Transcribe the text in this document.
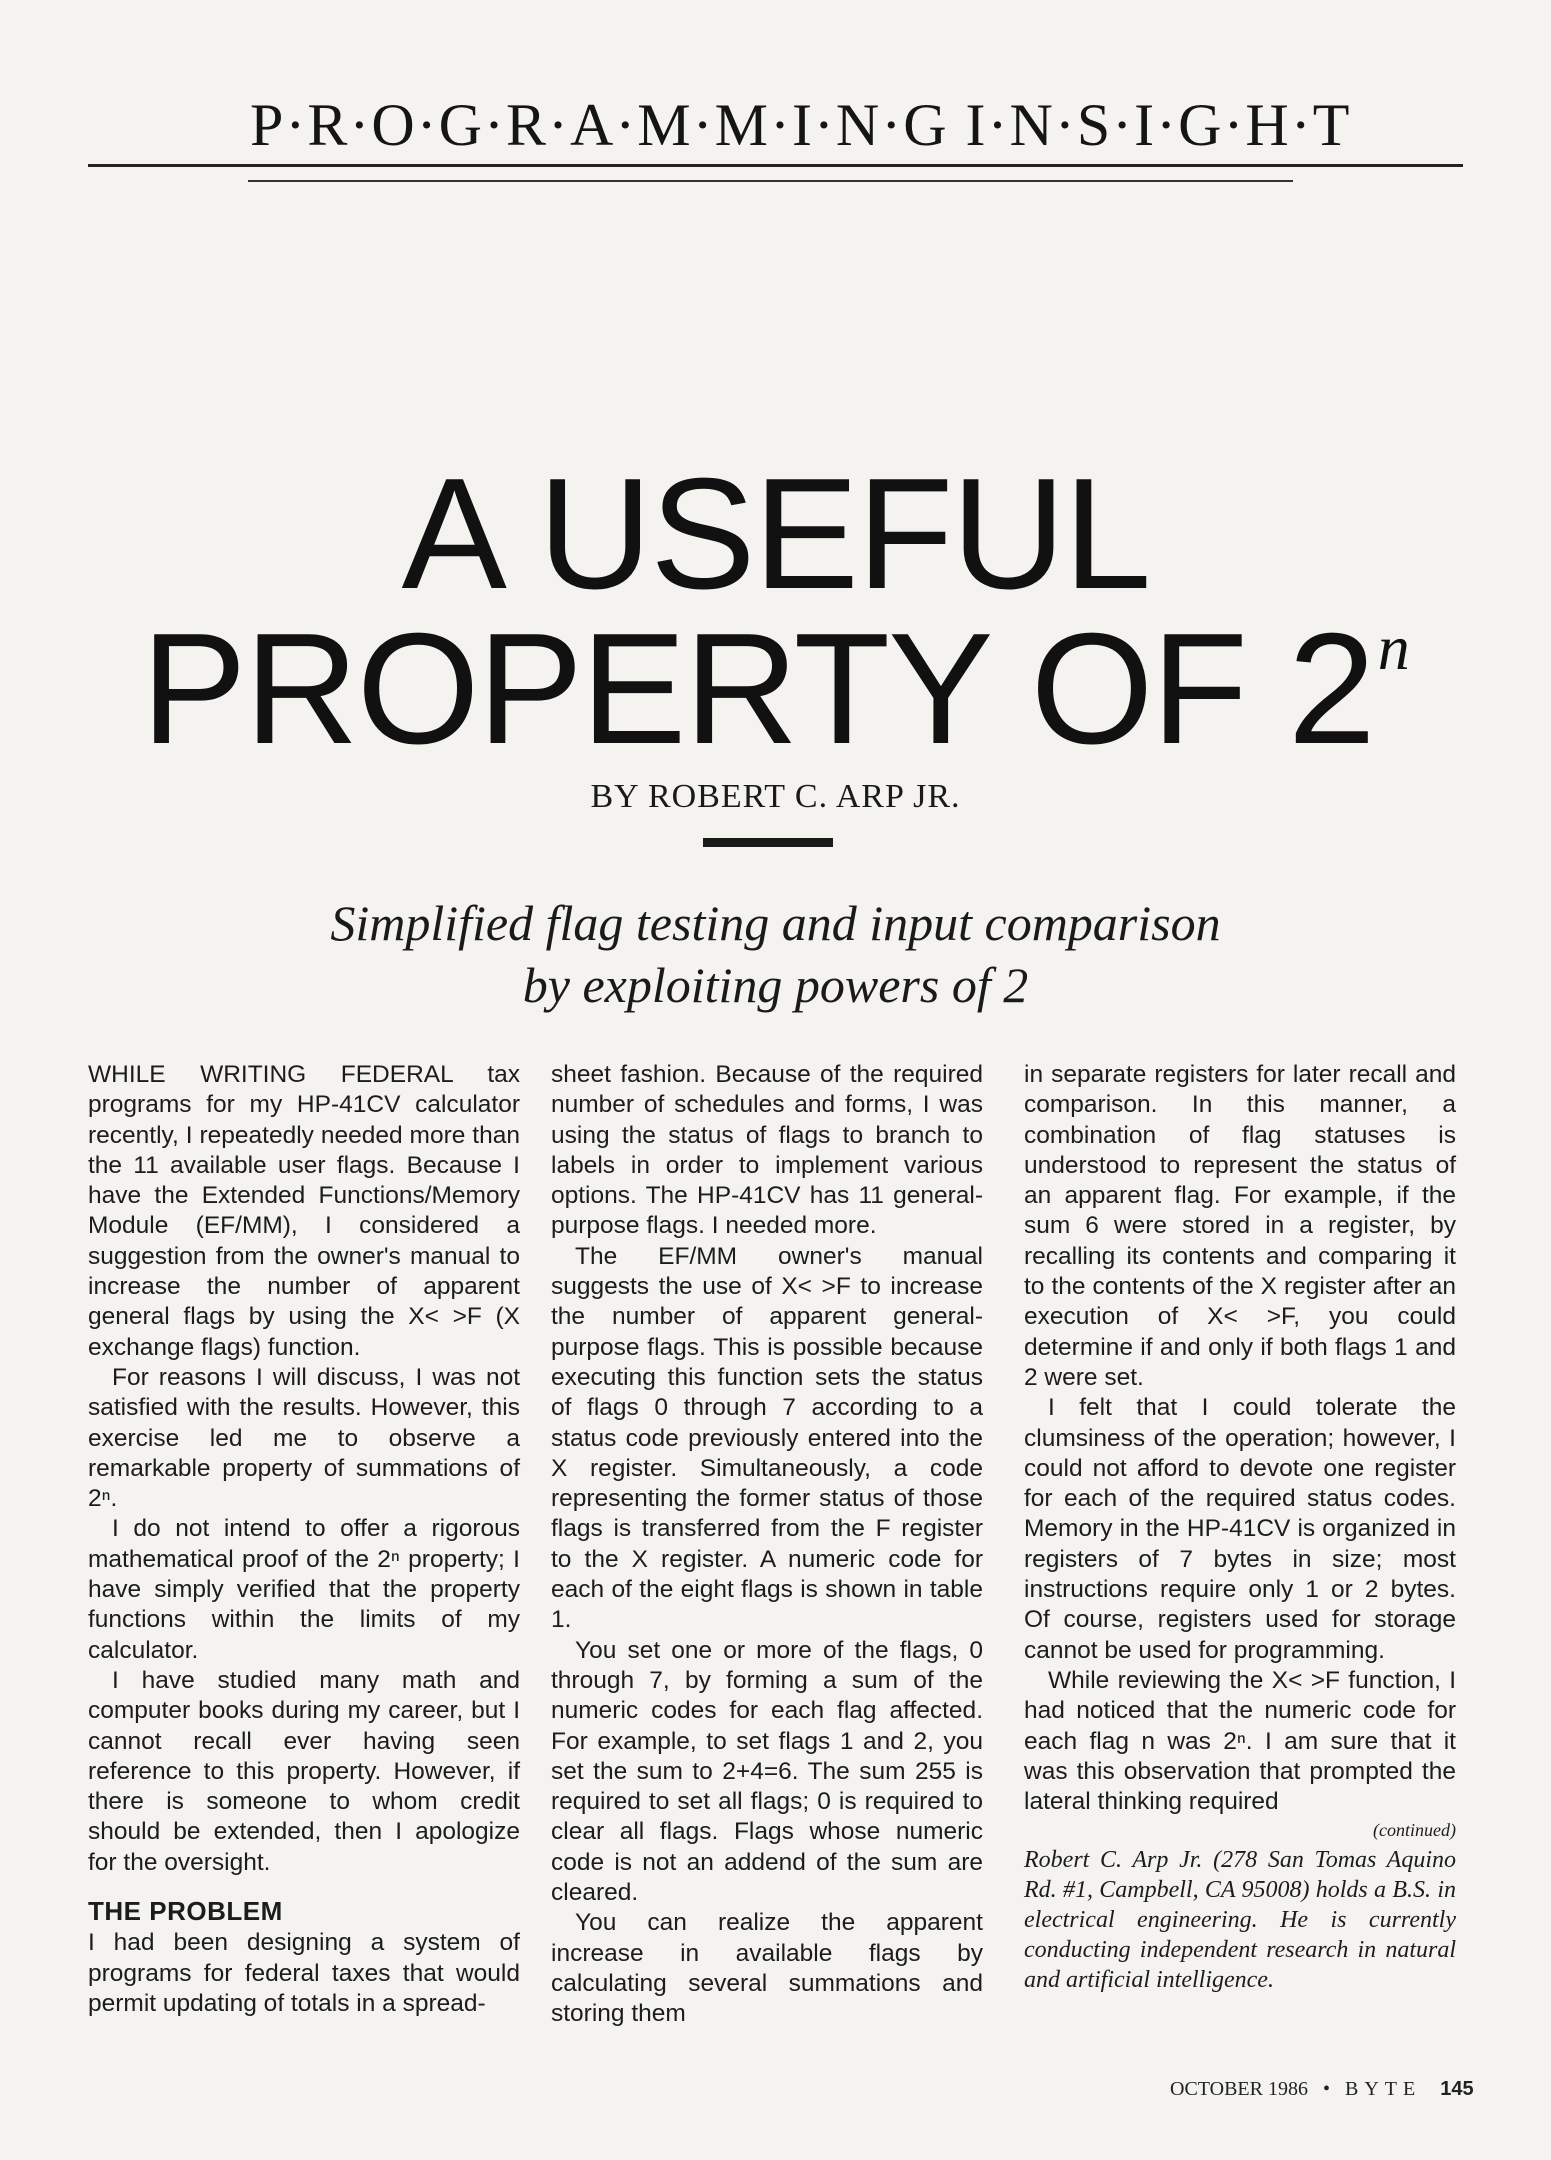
P·R·O·G·R·A·M·M·I·N·G I·N·S·I·G·H·T
A USEFUL
PROPERTY OF 2$^n$
BY ROBERT C. ARP JR.
Simplified flag testing and input comparison
by exploiting powers of 2

WHILE WRITING FEDERAL tax programs for my HP-41CV calculator recently, I repeatedly needed more than the 11 available user flags. Because I have the Extended Functions/Memory Module (EF/MM), I considered a suggestion from the owner's manual to increase the number of apparent general flags by using the X< >F (X exchange flags) function.

For reasons I will discuss, I was not satisfied with the results. However, this exercise led me to observe a remarkable property of summations of 2ⁿ.

I do not intend to offer a rigorous mathematical proof of the 2ⁿ property; I have simply verified that the property functions within the limits of my calculator.

I have studied many math and computer books during my career, but I cannot recall ever having seen reference to this property. However, if there is someone to whom credit should be extended, then I apologize for the oversight.

THE PROBLEM

I had been designing a system of programs for federal taxes that would permit updating of totals in a spread-

sheet fashion. Because of the required number of schedules and forms, I was using the status of flags to branch to labels in order to implement various options. The HP-41CV has 11 general-purpose flags. I needed more.

The EF/MM owner's manual suggests the use of X< >F to increase the number of apparent general-purpose flags. This is possible because executing this function sets the status of flags 0 through 7 according to a status code previously entered into the X register. Simultaneously, a code representing the former status of those flags is transferred from the F register to the X register. A numeric code for each of the eight flags is shown in table 1.

You set one or more of the flags, 0 through 7, by forming a sum of the numeric codes for each flag affected. For example, to set flags 1 and 2, you set the sum to 2+4=6. The sum 255 is required to set all flags; 0 is required to clear all flags. Flags whose numeric code is not an addend of the sum are cleared.

You can realize the apparent increase in available flags by calculating several summations and storing them

in separate registers for later recall and comparison. In this manner, a combination of flag statuses is understood to represent the status of an apparent flag. For example, if the sum 6 were stored in a register, by recalling its contents and comparing it to the contents of the X register after an execution of X< >F, you could determine if and only if both flags 1 and 2 were set.

I felt that I could tolerate the clumsiness of the operation; however, I could not afford to devote one register for each of the required status codes. Memory in the HP-41CV is organized in registers of 7 bytes in size; most instructions require only 1 or 2 bytes. Of course, registers used for storage cannot be used for programming.

While reviewing the X< >F function, I had noticed that the numeric code for each flag n was 2ⁿ. I am sure that it was this observation that prompted the lateral thinking required

(continued)
Robert C. Arp Jr. (278 San Tomas Aquino Rd. #1, Campbell, CA 95008) holds a B.S. in electrical engineering. He is currently conducting independent research in natural and artificial intelligence.
OCTOBER 1986 • BYTE 145
